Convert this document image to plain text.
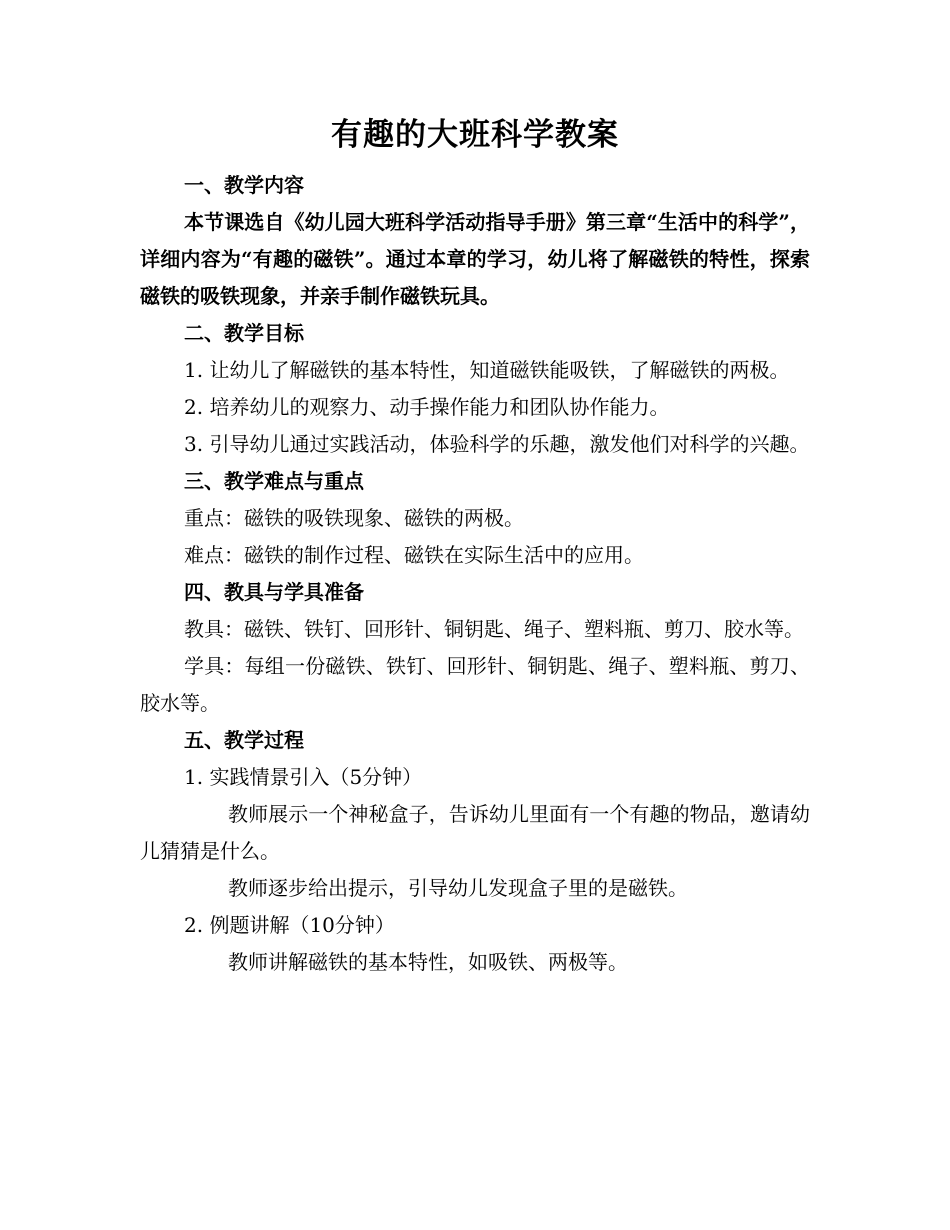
有趣的大班科学教案

一、教学内容

本节课选自《幼儿园大班科学活动指导手册》第三章“生活中的科学”，详细内容为“有趣的磁铁”。通过本章的学习，幼儿将了解磁铁的特性，探索磁铁的吸铁现象，并亲手制作磁铁玩具。

二、教学目标

1. 让幼儿了解磁铁的基本特性，知道磁铁能吸铁，了解磁铁的两极。

2. 培养幼儿的观察力、动手操作能力和团队协作能力。

3. 引导幼儿通过实践活动，体验科学的乐趣，激发他们对科学的兴趣。

三、教学难点与重点

重点：磁铁的吸铁现象、磁铁的两极。

难点：磁铁的制作过程、磁铁在实际生活中的应用。

四、教具与学具准备

教具：磁铁、铁钉、回形针、铜钥匙、绳子、塑料瓶、剪刀、胶水等。

学具：每组一份磁铁、铁钉、回形针、铜钥匙、绳子、塑料瓶、剪刀、胶水等。

五、教学过程

1. 实践情景引入（5分钟）

教师展示一个神秘盒子，告诉幼儿里面有一个有趣的物品，邀请幼儿猜猜是什么。

教师逐步给出提示，引导幼儿发现盒子里的是磁铁。

2. 例题讲解（10分钟）

教师讲解磁铁的基本特性，如吸铁、两极等。
